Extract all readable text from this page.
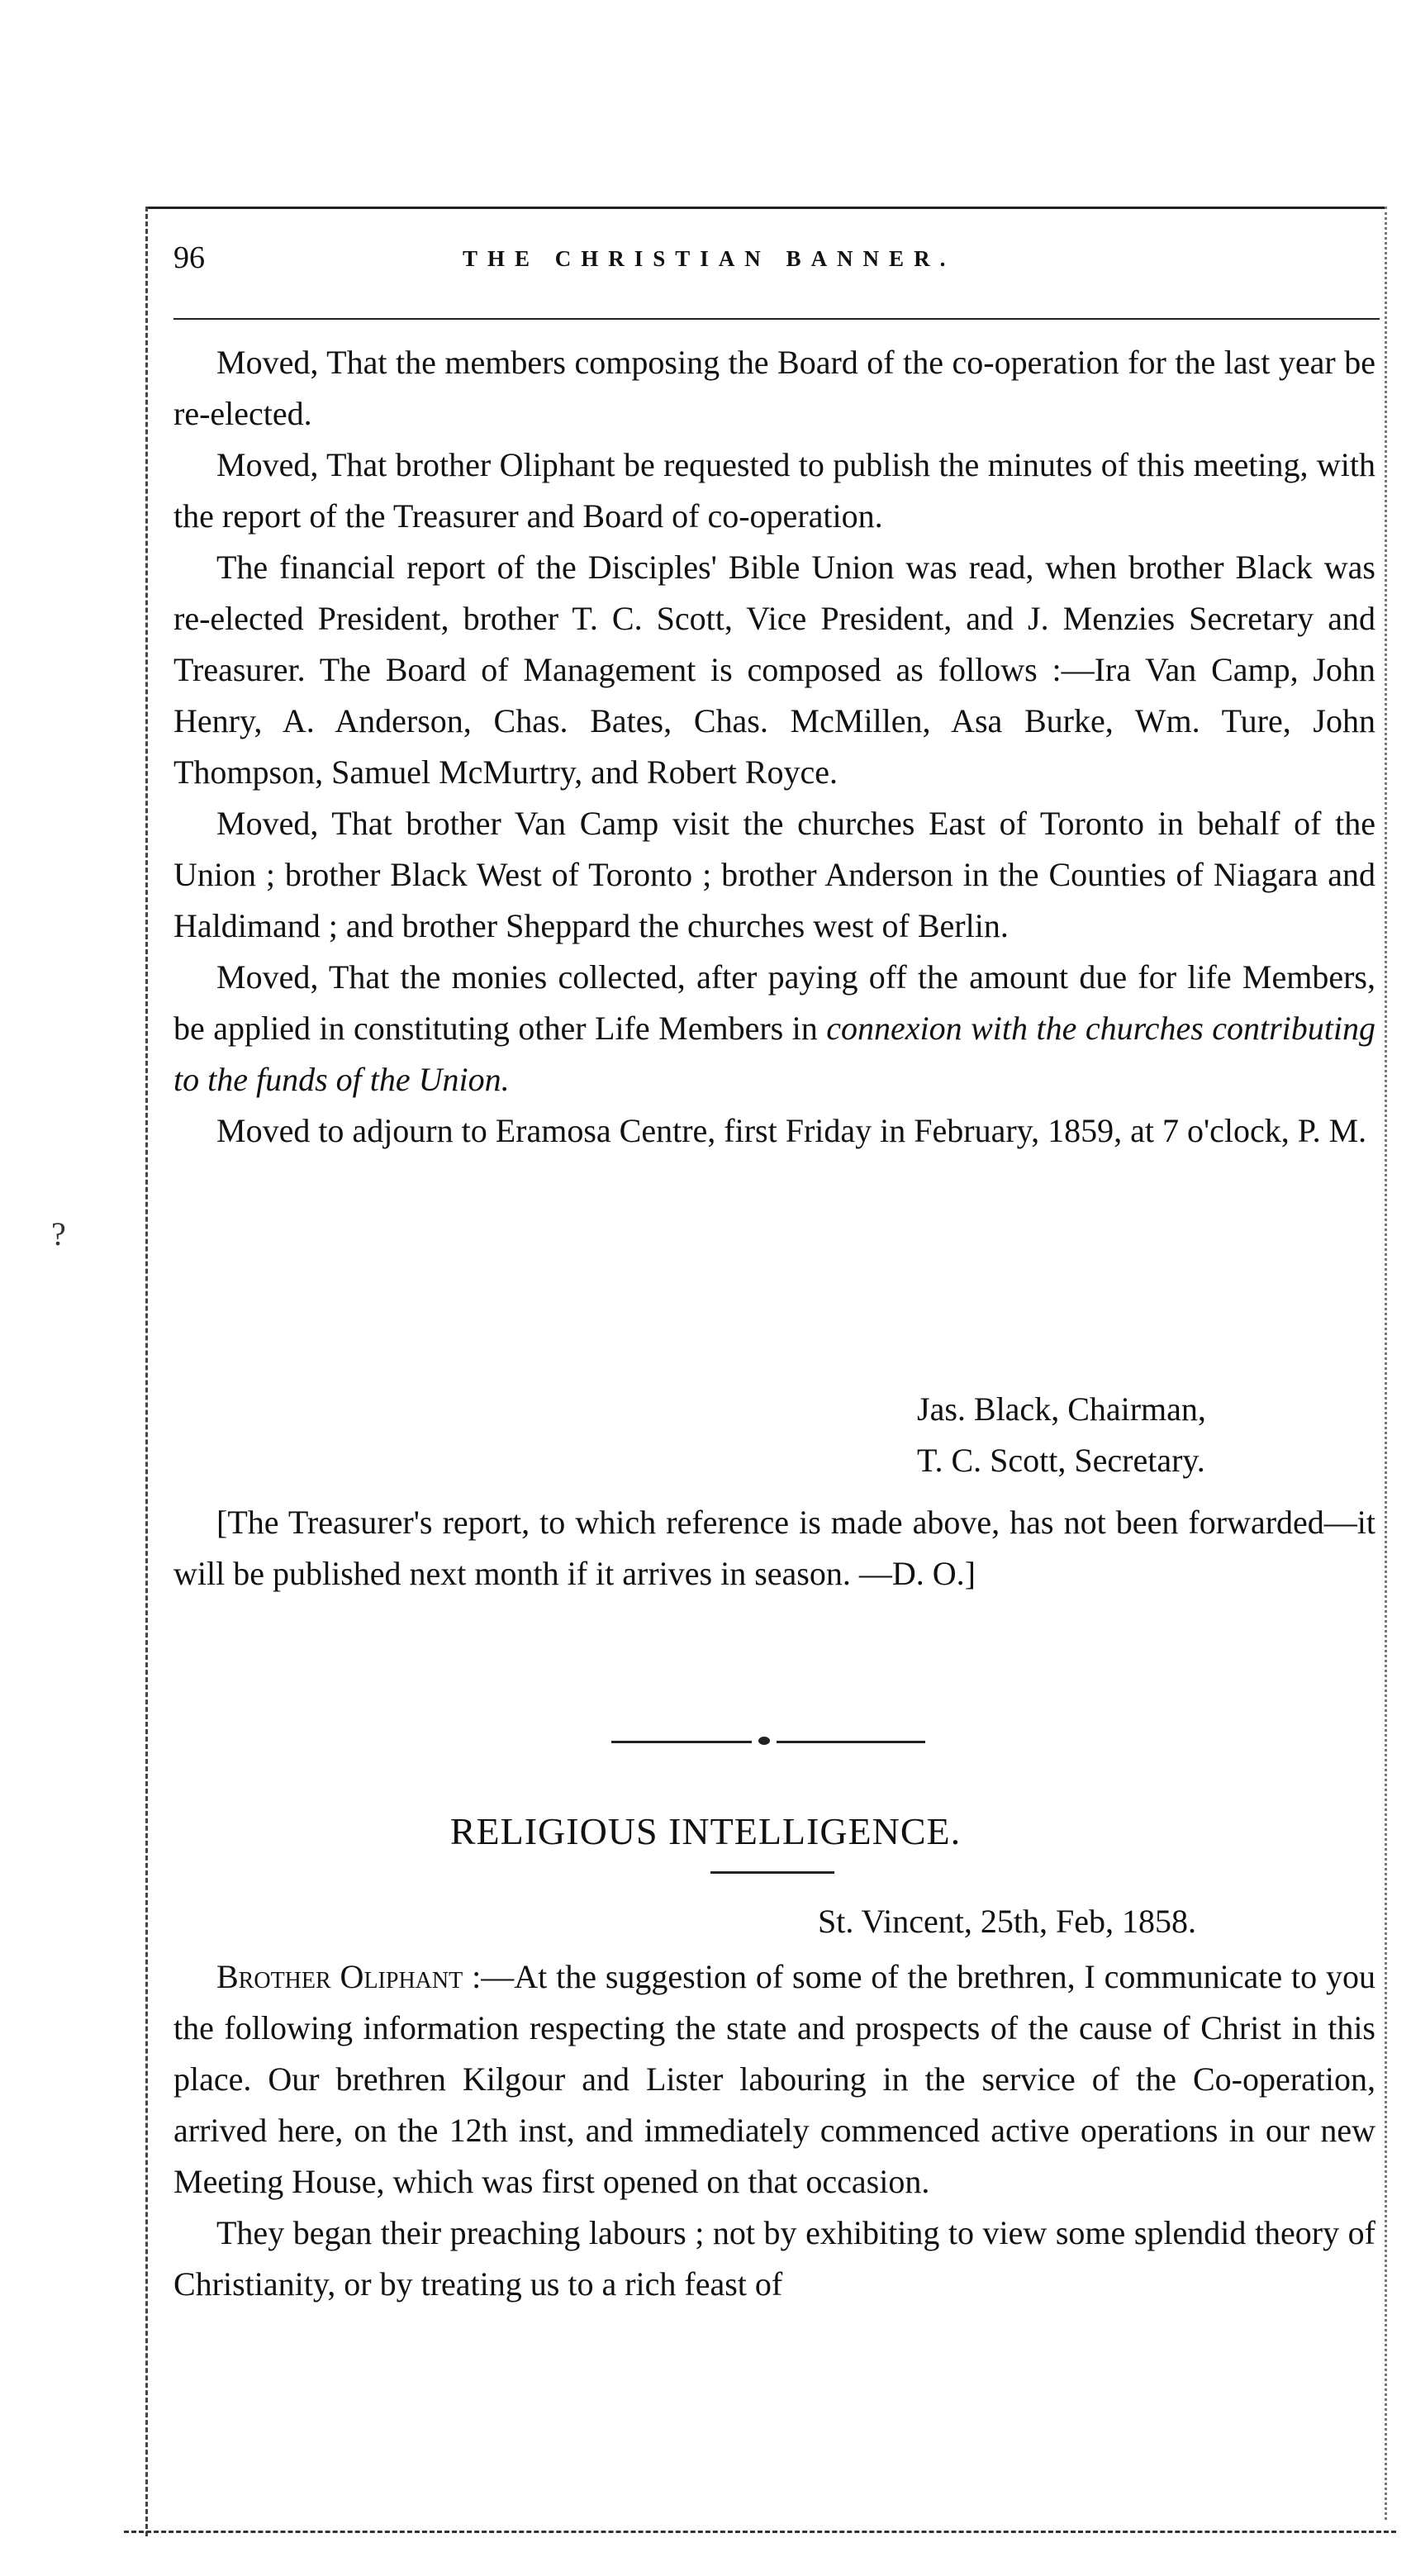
96	THE CHRISTIAN BANNER.

Moved, That the members composing the Board of the co-operation for the last year be re-elected.

Moved, That brother Oliphant be requested to publish the minutes of this meeting, with the report of the Treasurer and Board of co-operation.

The financial report of the Disciples' Bible Union was read, when brother Black was re-elected President, brother T. C. Scott, Vice President, and J. Menzies Secretary and Treasurer. The Board of Management is composed as follows :—Ira Van Camp, John Henry, A. Anderson, Chas. Bates, Chas. McMillen, Asa Burke, Wm. Ture, John Thompson, Samuel McMurtry, and Robert Royce.

Moved, That brother Van Camp visit the churches East of Toronto in behalf of the Union ; brother Black West of Toronto ; brother Anderson in the Counties of Niagara and Haldimand ; and brother Sheppard the churches west of Berlin.

Moved, That the monies collected, after paying off the amount due for life Members, be applied in constituting other Life Members in connexion with the churches contributing to the funds of the Union.

Moved to adjourn to Eramosa Centre, first Friday in February, 1859, at 7 o'clock, P. M.

Jas. Black, Chairman,
T. C. Scott, Secretary.

[The Treasurer's report, to which reference is made above, has not been forwarded—it will be published next month if it arrives in season. —D. O.]

RELIGIOUS INTELLIGENCE.
St. Vincent, 25th, Feb, 1858.

Brother Oliphant :—At the suggestion of some of the brethren, I communicate to you the following information respecting the state and prospects of the cause of Christ in this place. Our brethren Kilgour and Lister labouring in the service of the Co-operation, arrived here, on the 12th inst, and immediately commenced active operations in our new Meeting House, which was first opened on that occasion.

They began their preaching labours ; not by exhibiting to view some splendid theory of Christianity, or by treating us to a rich feast of

?
